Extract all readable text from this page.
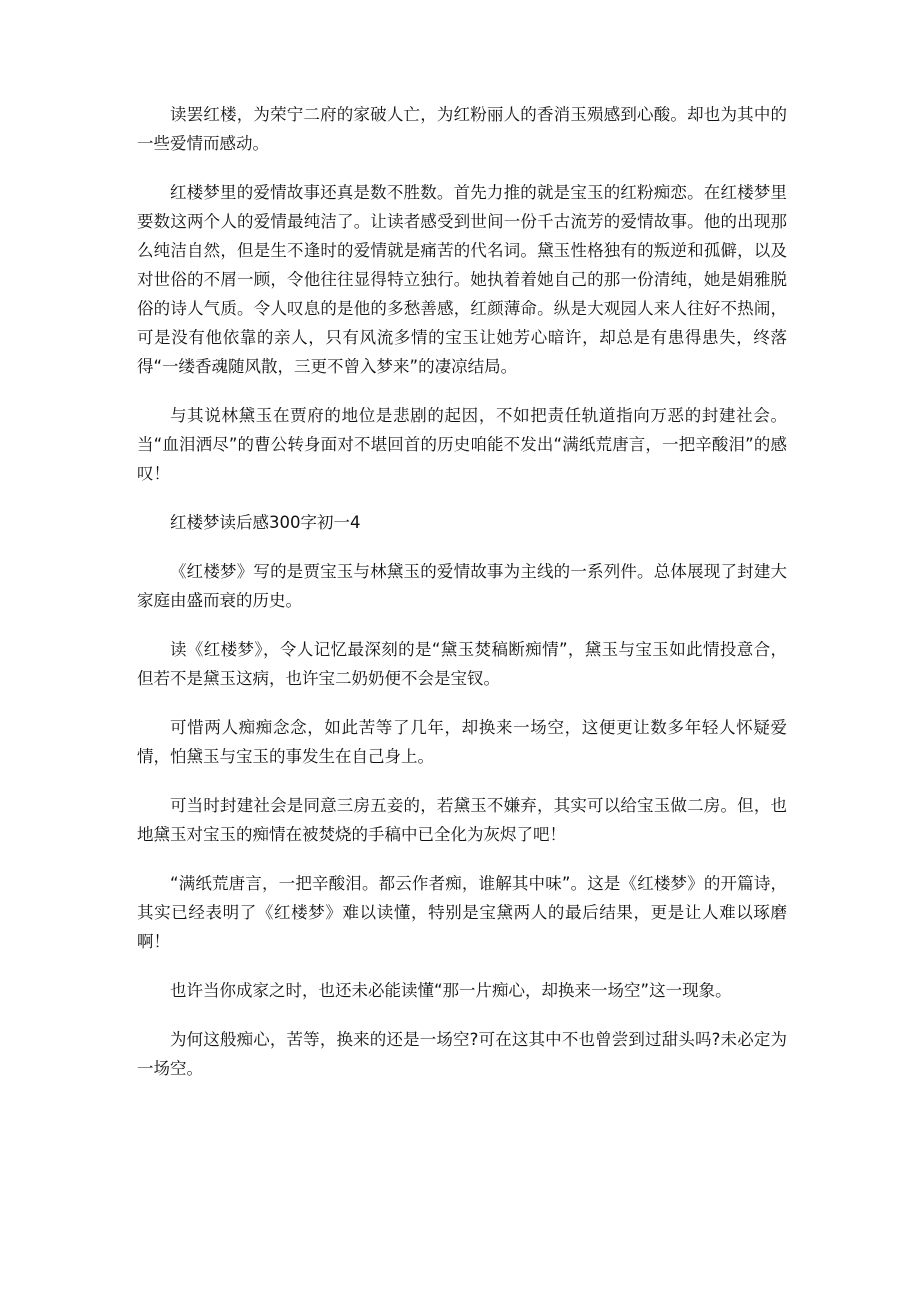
读罢红楼，为荣宁二府的家破人亡，为红粉丽人的香消玉殒感到心酸。却也为其中的一些爱情而感动。

红楼梦里的爱情故事还真是数不胜数。首先力推的就是宝玉的红粉痴恋。在红楼梦里要数这两个人的爱情最纯洁了。让读者感受到世间一份千古流芳的爱情故事。他的出现那么纯洁自然，但是生不逢时的爱情就是痛苦的代名词。黛玉性格独有的叛逆和孤僻，以及对世俗的不屑一顾，令他往往显得特立独行。她执着着她自己的那一份清纯，她是娟雅脱俗的诗人气质。令人叹息的是他的多愁善感，红颜薄命。纵是大观园人来人往好不热闹，可是没有他依靠的亲人，只有风流多情的宝玉让她芳心暗许，却总是有患得患失，终落得“一缕香魂随风散，三更不曾入梦来”的凄凉结局。

与其说林黛玉在贾府的地位是悲剧的起因，不如把责任轨道指向万恶的封建社会。当“血泪洒尽”的曹公转身面对不堪回首的历史咱能不发出“满纸荒唐言，一把辛酸泪”的感叹！

红楼梦读后感300字初一4

《红楼梦》写的是贾宝玉与林黛玉的爱情故事为主线的一系列件。总体展现了封建大家庭由盛而衰的历史。

读《红楼梦》，令人记忆最深刻的是“黛玉焚稿断痴情”，黛玉与宝玉如此情投意合，但若不是黛玉这病，也许宝二奶奶便不会是宝钗。

可惜两人痴痴念念，如此苦等了几年，却换来一场空，这便更让数多年轻人怀疑爱情，怕黛玉与宝玉的事发生在自己身上。

可当时封建社会是同意三房五妾的，若黛玉不嫌弃，其实可以给宝玉做二房。但，也地黛玉对宝玉的痴情在被焚烧的手稿中已全化为灰烬了吧！

“满纸荒唐言，一把辛酸泪。都云作者痴，谁解其中味”。这是《红楼梦》的开篇诗，其实已经表明了《红楼梦》难以读懂，特别是宝黛两人的最后结果，更是让人难以琢磨啊！

也许当你成家之时，也还未必能读懂“那一片痴心，却换来一场空”这一现象。

为何这般痴心，苦等，换来的还是一场空?可在这其中不也曾尝到过甜头吗?未必定为一场空。
